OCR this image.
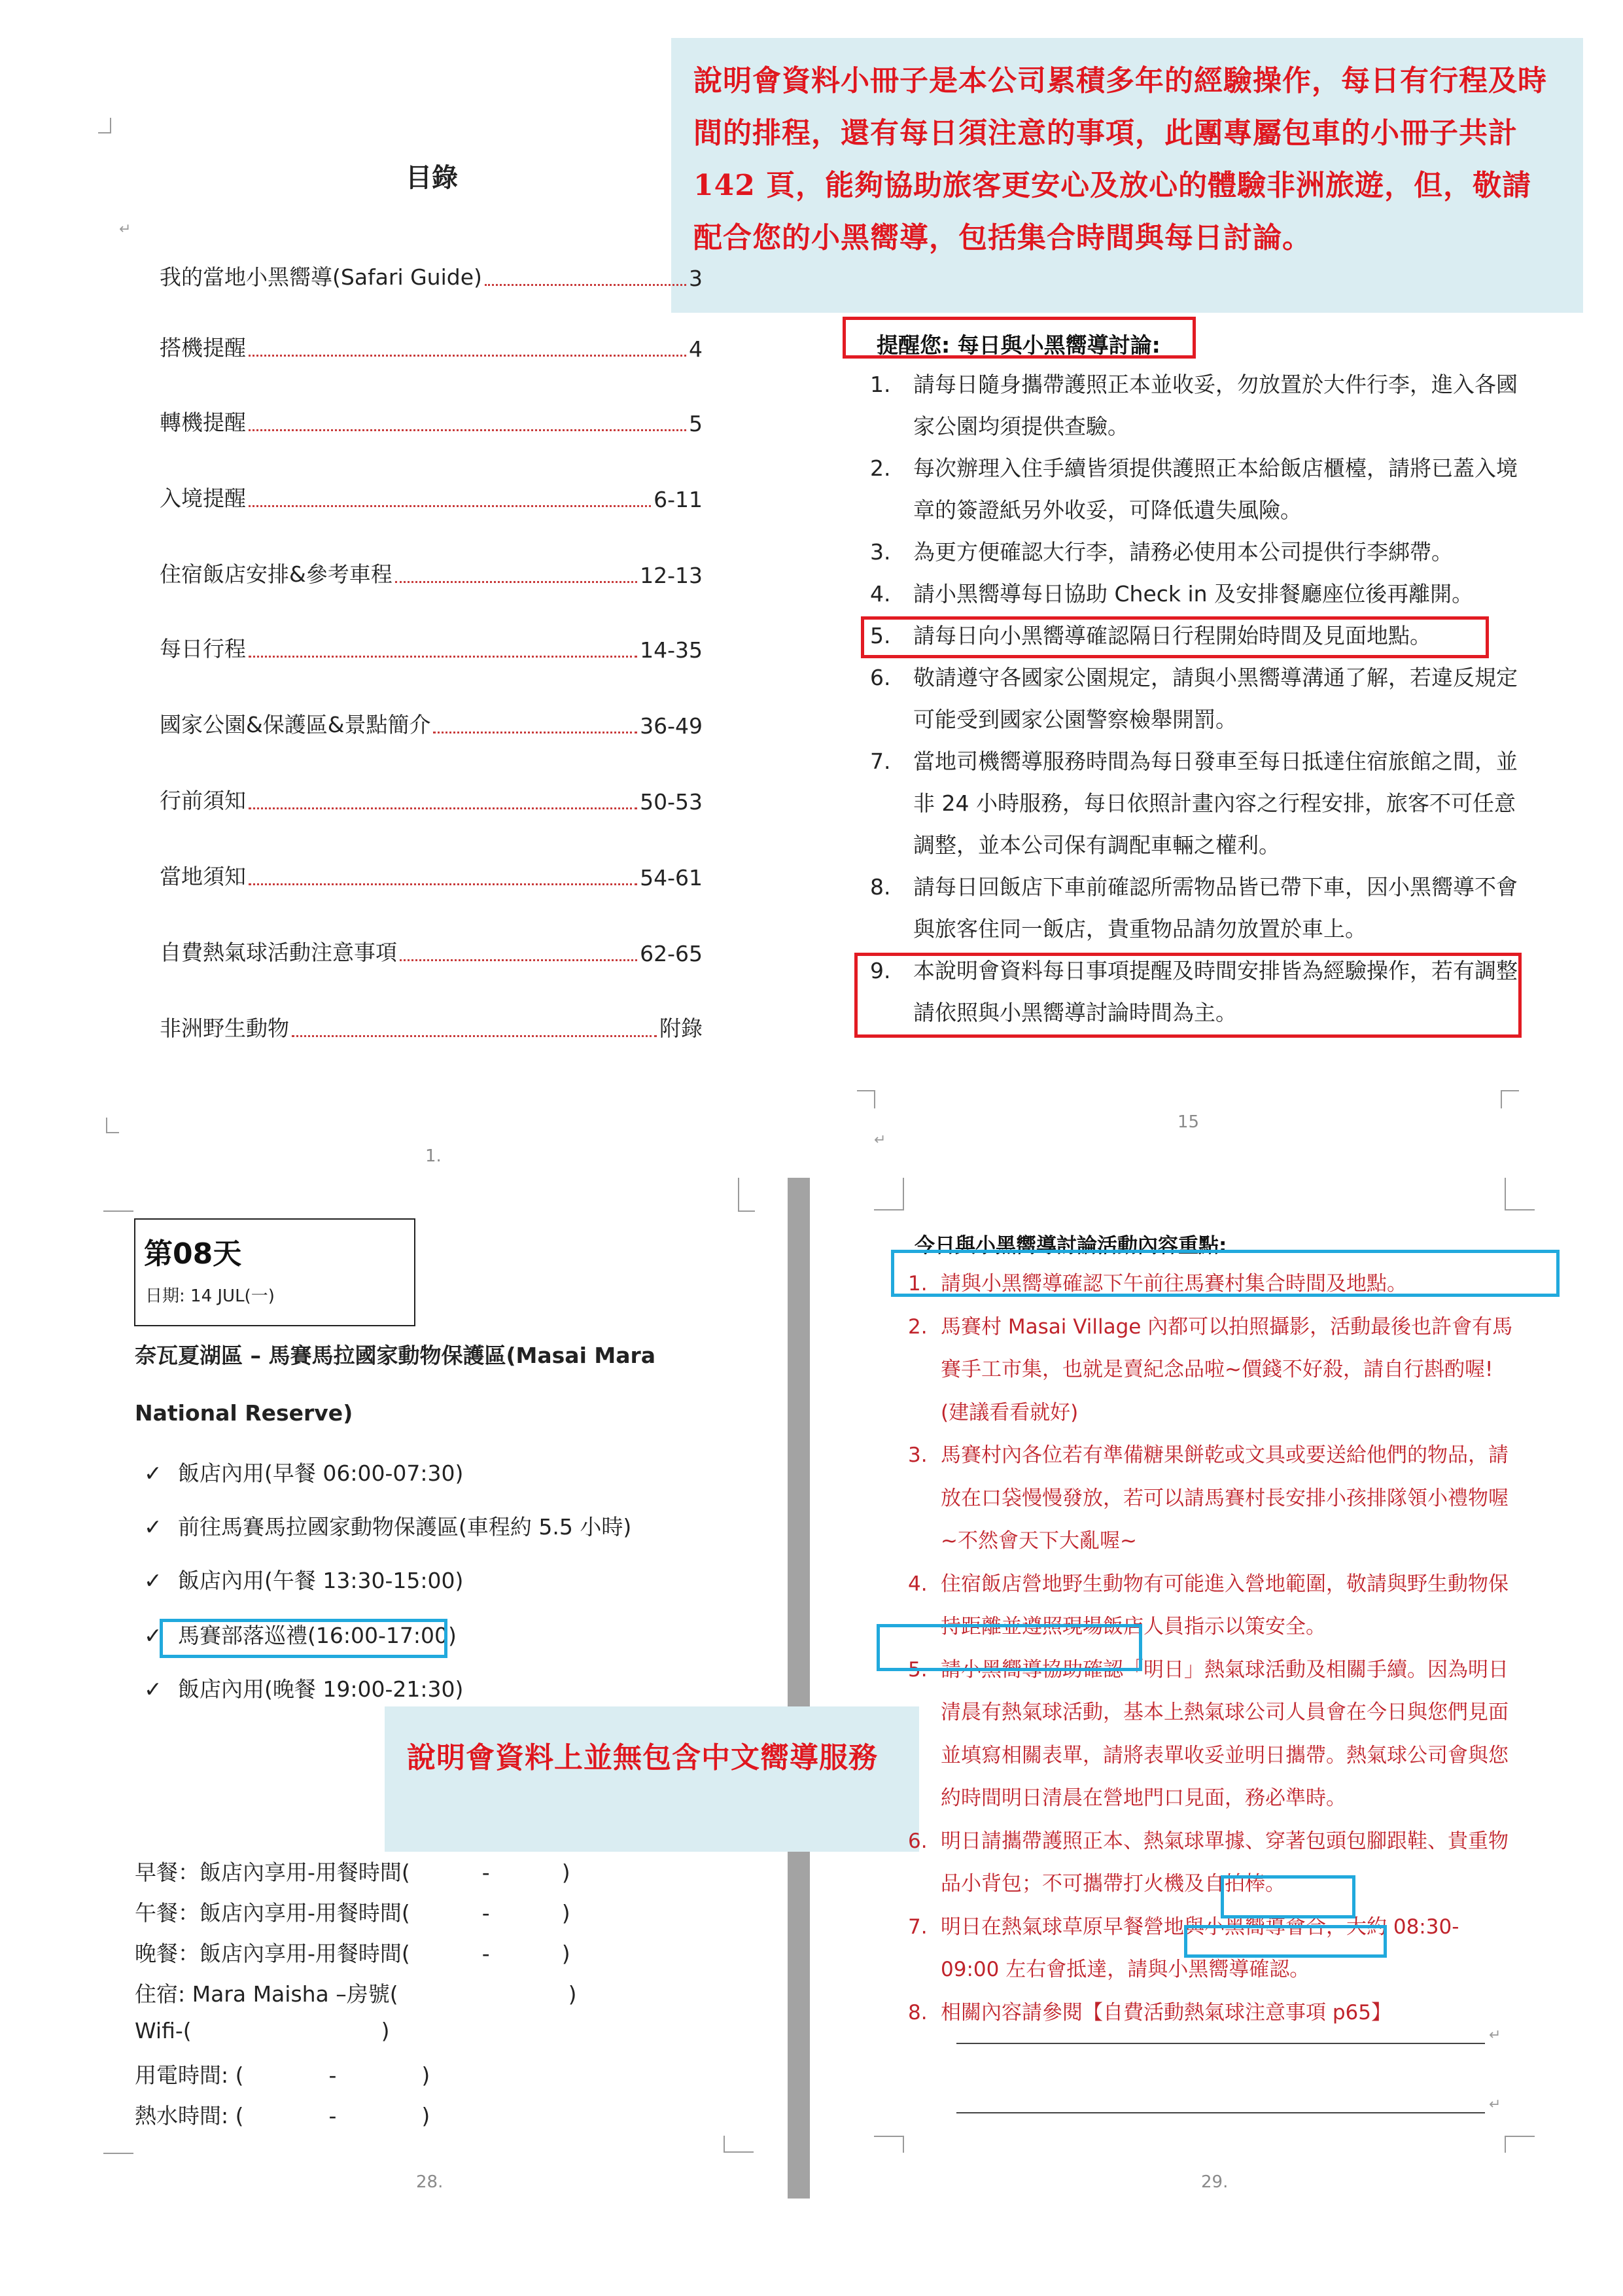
說明會資料小冊子是本公司累積多年的經驗操作，每日有行程及時間的排程，還有每日須注意的事項，此團專屬包車的小冊子共計 142 頁，能夠協助旅客更安心及放心的體驗非洲旅遊，但，敬請配合您的小黑嚮導，包括集合時間與每日討論。
目錄
↵
我的當地小黑嚮導(Safari Guide)	3
搭機提醒	4
轉機提醒	5
入境提醒	6-11
住宿飯店安排&參考車程	12-13
每日行程	14-35
國家公園&保護區&景點簡介	36-49
行前須知	50-53
當地須知	54-61
自費熱氣球活動注意事項	62-65
非洲野生動物	附錄
1.
提醒您: 每日與小黑嚮導討論:
1.	請每日隨身攜帶護照正本並收妥，勿放置於大件行李，進入各國家公園均須提供查驗。
2.	每次辦理入住手續皆須提供護照正本給飯店櫃檯，請將已蓋入境章的簽證紙另外收妥，可降低遺失風險。
3.	為更方便確認大行李，請務必使用本公司提供行李綁帶。
4.	請小黑嚮導每日協助 Check in 及安排餐廳座位後再離開。
5.	請每日向小黑嚮導確認隔日行程開始時間及見面地點。
6.	敬請遵守各國家公園規定，請與小黑嚮導溝通了解，若違反規定可能受到國家公園警察檢舉開罰。
7.	當地司機嚮導服務時間為每日發車至每日抵達住宿旅館之間，並非 24 小時服務，每日依照計畫內容之行程安排，旅客不可任意調整，並本公司保有調配車輛之權利。
8.	請每日回飯店下車前確認所需物品皆已帶下車，因小黑嚮導不會與旅客住同一飯店，貴重物品請勿放置於車上。
9.	本說明會資料每日事項提醒及時間安排皆為經驗操作，若有調整請依照與小黑嚮導討論時間為主。
15
↵
第08天
日期: 14 JUL(一)
奈瓦夏湖區 – 馬賽馬拉國家動物保護區(Masai Mara
National Reserve)
✓ 飯店內用(早餐 06:00-07:30)
✓ 前往馬賽馬拉國家動物保護區(車程約 5.5 小時)
✓ 飯店內用(午餐 13:30-15:00)
✓ 馬賽部落巡禮(16:00-17:00)
✓ 飯店內用(晚餐 19:00-21:30)
說明會資料上並無包含中文嚮導服務
早餐：飯店內享用-用餐時間(	-	)
午餐：飯店內享用-用餐時間(	-	)
晚餐：飯店內享用-用餐時間(	-	)
住宿: Mara Maisha –房號(	)
Wifi-(	)
用電時間: (	-	)
熱水時間: (	-	)
28.
今日與小黑嚮導討論活動內容重點:
1. 請與小黑嚮導確認下午前往馬賽村集合時間及地點。
2. 馬賽村 Masai Village 內都可以拍照攝影，活動最後也許會有馬賽手工市集，也就是賣紀念品啦~價錢不好殺，請自行斟酌喔!(建議看看就好)
3. 馬賽村內各位若有準備糖果餅乾或文具或要送給他們的物品，請放在口袋慢慢發放，若可以請馬賽村長安排小孩排隊領小禮物喔~不然會天下大亂喔~
4. 住宿飯店營地野生動物有可能進入營地範圍，敬請與野生動物保持距離並遵照現場飯店人員指示以策安全。
5. 請小黑嚮導協助確認「明日」熱氣球活動及相關手續。因為明日清晨有熱氣球活動，基本上熱氣球公司人員會在今日與您們見面並填寫相關表單，請將表單收妥並明日攜帶。熱氣球公司會與您約時間明日清晨在營地門口見面，務必準時。
6. 明日請攜帶護照正本、熱氣球單據、穿著包頭包腳跟鞋、貴重物品小背包；不可攜帶打火機及自拍棒。
7. 明日在熱氣球草原早餐營地與小黑嚮導會合，大約 08:30-09:00 左右會抵達，請與小黑嚮導確認。
8. 相關內容請參閱【自費活動熱氣球注意事項 p65】
↵
↵
29.
